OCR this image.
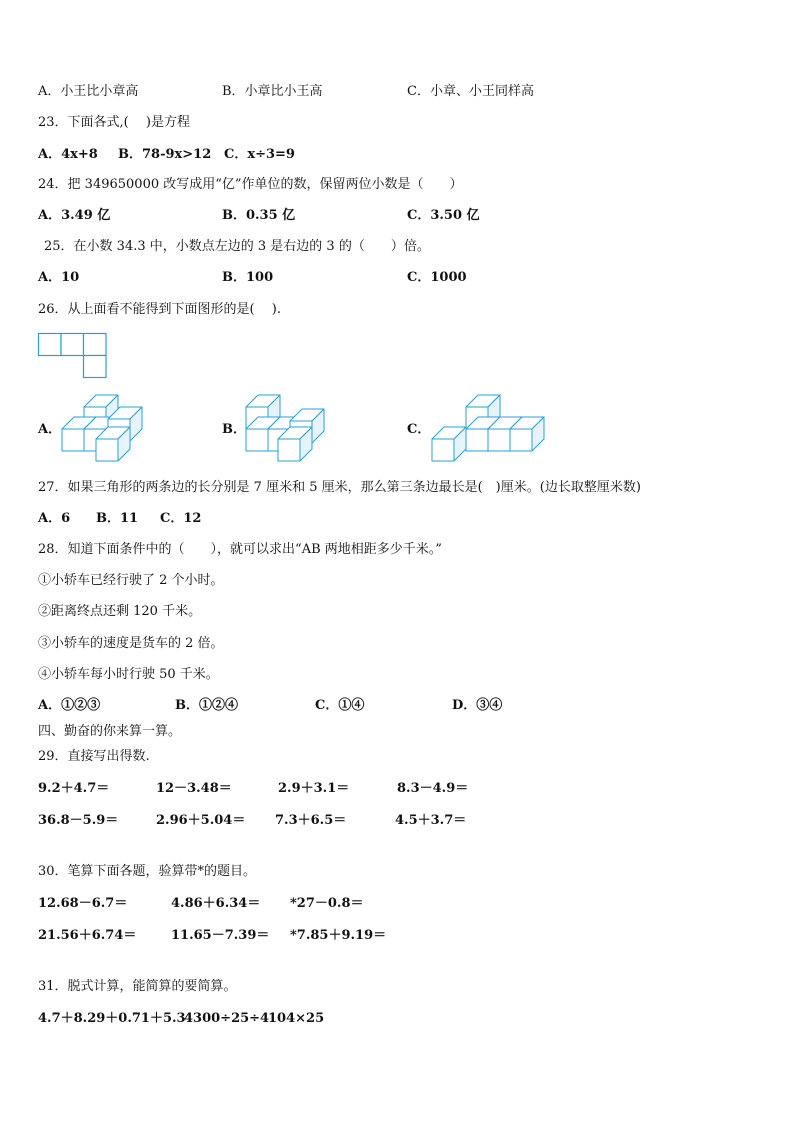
A．小王比小章高	B．小章比小王高	C．小章、小王同样高
23．下面各式,(　 )是方程
A．4x+8 B．78-9x>12 C．x÷3=9
24．把 349650000 改写成用“亿”作单位的数，保留两位小数是（　　）
A．3.49 亿	B．0.35 亿	C．3.50 亿
25．在小数 34.3 中，小数点左边的 3 是右边的 3 的（　　）倍。
A．10	B．100	C．1000
26．从上面看不能得到下面图形的是(　 ).
A．	B．	C．
27．如果三角形的两条边的长分别是 7 厘米和 5 厘米，那么第三条边最长是(　)厘米。(边长取整厘米数)
A．6 B．11 C．12
28．知道下面条件中的（　　），就可以求出“AB 两地相距多少千米。”
①小轿车已经行驶了 2 个小时。
②距离终点还剩 120 千米。
③小轿车的速度是货车的 2 倍。
④小轿车每小时行驶 50 千米。
A．①②③	B．①②④	C．①④	D．③④
四、勤奋的你来算一算。
29．直接写出得数.
9.2＋4.7＝	12－3.48＝	2.9＋3.1＝	8.3－4.9＝
36.8－5.9＝	2.96＋5.04＝ 7.3＋6.5＝	4.5＋3.7＝
30．笔算下面各题，验算带*的题目。
12.68－6.7＝	4.86＋6.34＝ *27－0.8＝
21.56＋6.74＝	11.65－7.39＝ *7.85＋9.19＝
31．脱式计算，能简算的要简算。
4.7＋8.29＋0.71＋5.3
4300÷25÷4
104×25
